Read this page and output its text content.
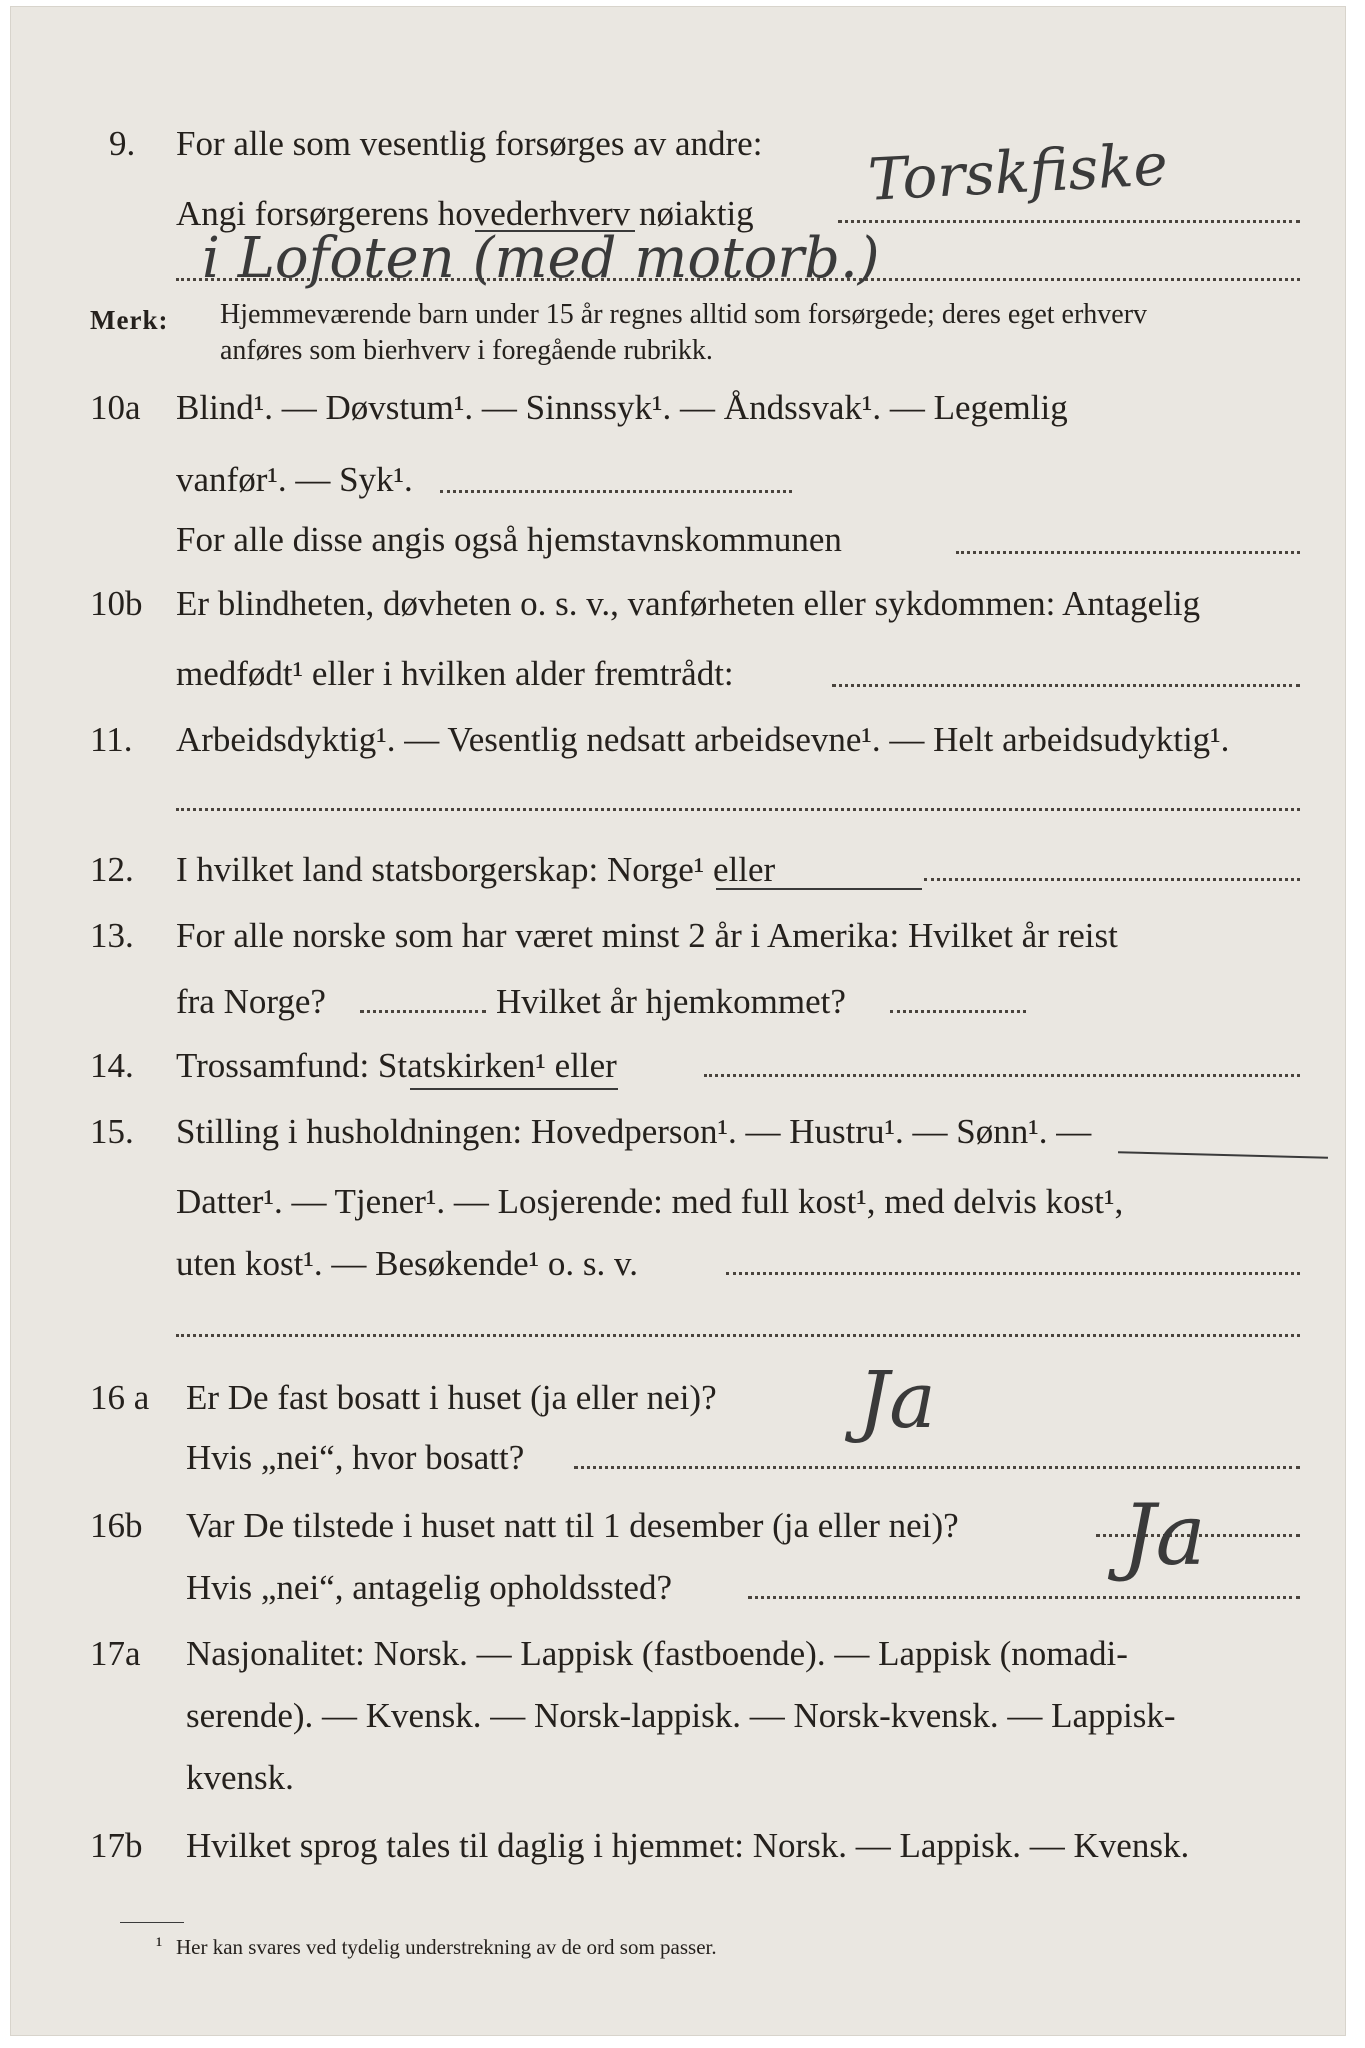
9. For alle som vesentlig forsørges av andre:
Angi forsørgerens hovederhverv nøiaktig Torskfiske
i Lofoten (med motorb.)
Merk: Hjemmeværende barn under 15 år regnes alltid som forsørgede; deres eget erhverv
anføres som bierhverv i foregående rubrikk.
10a Blind¹. — Døvstum¹. — Sinnssyk¹. — Åndssvak¹. — Legemlig
vanfør¹. — Syk¹.
For alle disse angis også hjemstavnskommunen
10b Er blindheten, døvheten o. s. v., vanførheten eller sykdommen: Antagelig
medfødt¹ eller i hvilken alder fremtrådt:
11. Arbeidsdyktig¹. — Vesentlig nedsatt arbeidsevne¹. — Helt arbeidsudyktig¹.
12. I hvilket land statsborgerskap: Norge¹ eller
13. For alle norske som har været minst 2 år i Amerika: Hvilket år reist
fra Norge?	Hvilket år hjemkommet?
14. Trossamfund: Statskirken¹ eller
15. Stilling i husholdningen: Hovedperson¹. — Hustru¹. — Sønn¹. —
Datter¹. — Tjener¹. — Losjerende: med full kost¹, med delvis kost¹,
uten kost¹. — Besøkende¹ o. s. v.
16 a Er De fast bosatt i huset (ja eller nei)? Ja
Hvis „nei“, hvor bosatt?
16b Var De tilstede i huset natt til 1 desember (ja eller nei)? Ja
Hvis „nei“, antagelig opholdssted?
17a Nasjonalitet: Norsk. — Lappisk (fastboende). — Lappisk (nomadi-
serende). — Kvensk. — Norsk-lappisk. — Norsk-kvensk. — Lappisk-
kvensk.
17b Hvilket sprog tales til daglig i hjemmet: Norsk. — Lappisk. — Kvensk.
¹ Her kan svares ved tydelig understrekning av de ord som passer.
